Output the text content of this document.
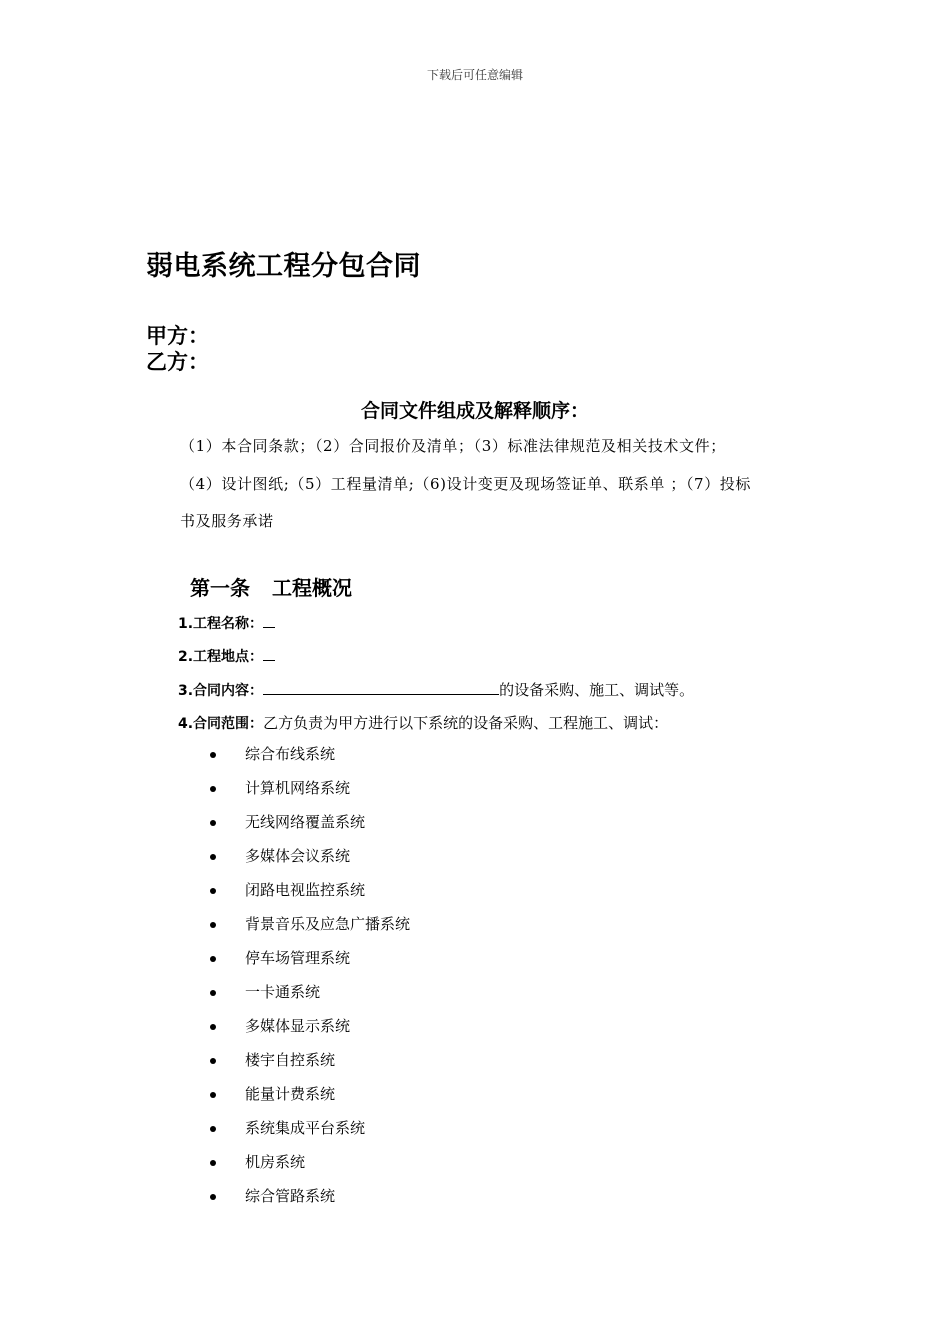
下载后可任意编辑
弱电系统工程分包合同
甲方：
乙方：
合同文件组成及解释顺序：
（1）本合同条款；（2）合同报价及清单；（3）标准法律规范及相关技术文件；
（4）设计图纸;（5）工程量清单;（6)设计变更及现场签证单、联系单 ；（7）投标
书及服务承诺
第一条 工程概况
1.工程名称：
2.工程地点：
3.合同内容：	的设备采购、施工、调试等。
4.合同范围：乙方负责为甲方进行以下系统的设备采购、工程施工、调试：
综合布线系统
计算机网络系统
无线网络覆盖系统
多媒体会议系统
闭路电视监控系统
背景音乐及应急广播系统
停车场管理系统
一卡通系统
多媒体显示系统
楼宇自控系统
能量计费系统
系统集成平台系统
机房系统
综合管路系统
